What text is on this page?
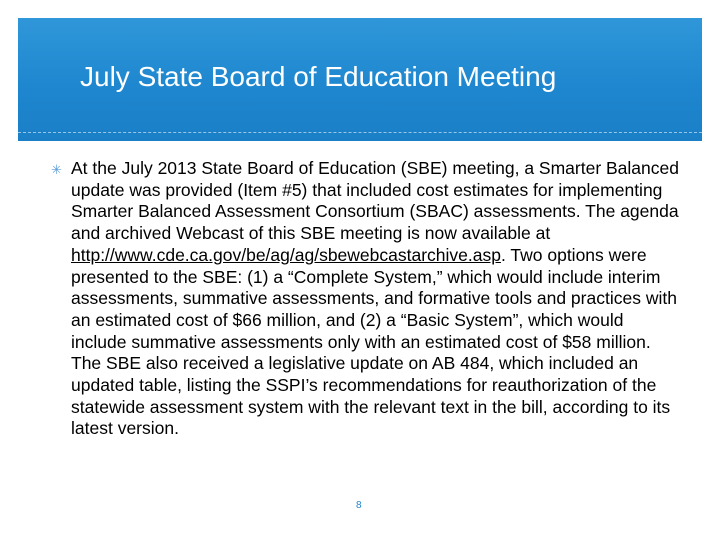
July State Board of Education Meeting
✳ At the July 2013 State Board of Education (SBE) meeting, a Smarter Balanced update was provided (Item #5) that included cost estimates for implementing Smarter Balanced Assessment Consortium (SBAC) assessments. The agenda and archived Webcast of this SBE meeting is now available at http://www.cde.ca.gov/be/ag/ag/sbewebcastarchive.asp. Two options were presented to the SBE: (1) a “Complete System,” which would include interim assessments, summative assessments, and formative tools and practices with an estimated cost of $66 million, and (2) a “Basic System”, which would include summative assessments only with an estimated cost of $58 million. The SBE also received a legislative update on AB 484, which included an updated table, listing the SSPI’s recommendations for reauthorization of the statewide assessment system with the relevant text in the bill, according to its latest version.

8
